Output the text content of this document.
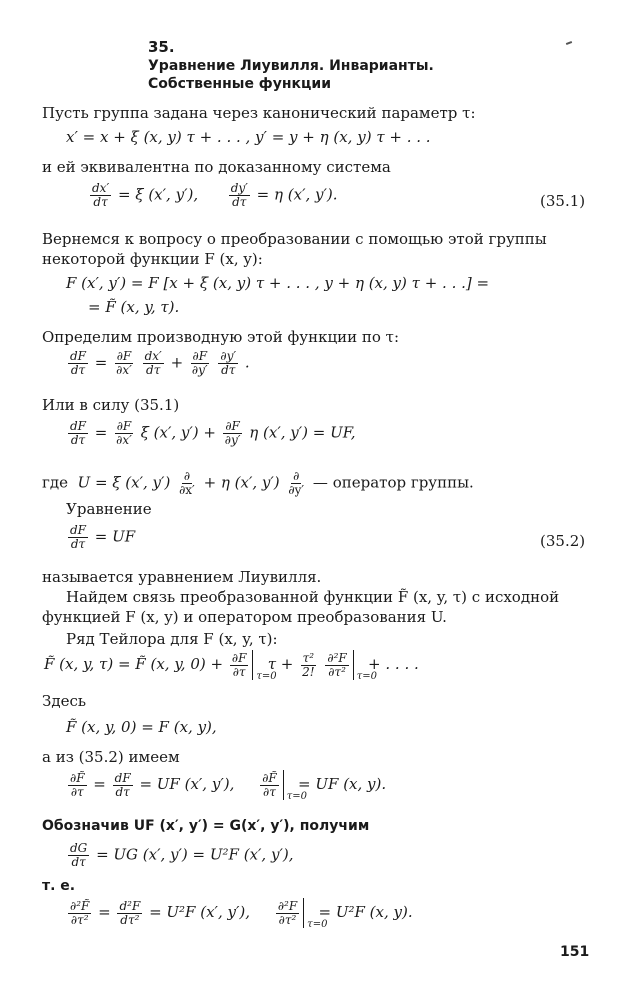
35.
Уравнение Лиувилля. Инварианты.
Собственные функции
Пусть группа задана через канонический параметр τ:
x′ = x + ξ (x, y) τ + . . . , y′ = y + η (x, y) τ + . . .
и ей эквивалентна по доказанному система
$\frac{dx'}{d\tau} = \xi$ (x′, y′),	$\frac{dy'}{d\tau} = \eta$ (x′, y′).	(35.1)
Вернемся к вопросу о преобразовании с помощью этой группы
некоторой функции F (x, y):
F (x′, y′) = F [x + ξ (x, y) τ + . . . , y + η (x, y) τ + . . .] =
= F̃ (x, y, τ).
Определим производную этой функции по τ:
$\frac{dF}{d\tau} = \frac{\partial F}{\partial x'}$
$\frac{dx'}{d\tau} + \frac{\partial F}{\partial y'}$
$\frac{\partial y'}{d\tau}$ .
Или в силу (35.1)
$\frac{dF}{d\tau} = \frac{\partial F}{\partial x'}$ ξ (x′, $y') + \frac{\partial F}{\partial y'}$ η (x′, y′) = UF,
где U = ξ (x′, $y') \frac{\partial}{\partial x'} + \eta$ (x′, $y') \frac{\partial}{\partial y'}$ — оператор группы.
Уравнение
$\frac{dF}{d\tau}$ = UF	(35.2)
называется уравнением Лиувилля.
Найдем связь преобразованной функции F̃ (x, y, τ) с исходной
функцией F (x, y) и оператором преобразования U.
Ряд Тейлора для F (x, y, τ):
F̃ (x, y, τ) = F̃ (x, y, $0) + \frac{\partial F}{\partial\tau} \tau=0$
$\tau + \frac{\text{τ²}}{2!}$
$\frac{\text{∂²F}}{\text{∂τ²}} \tau=0$
+ . . . .
Здесь
F̃ (x, y, 0) = F (x, y),
а из (35.2) имеем
$\frac{\partial F̃}{\partial\tau} = \frac{dF}{d\tau}$ = UF (x′, y′), $\frac{\partial F̃}{\partial\tau} \tau=0$
= UF (x, y).
Обозначив UF (x′, y′) = G(x′, y′), получим
$\frac{dG}{d\tau}$ = UG (x′, y′) = U²F (x′, y′),
т. е.
$\frac{\text{∂²F̃}}{\text{∂τ²}} = \frac{\text{d²F}}{\text{dτ²}} = U^2F$ (x′, y′), $\frac{\text{∂²F}}{\text{∂τ²}} \tau=0$
= U²F (x, y).
151
